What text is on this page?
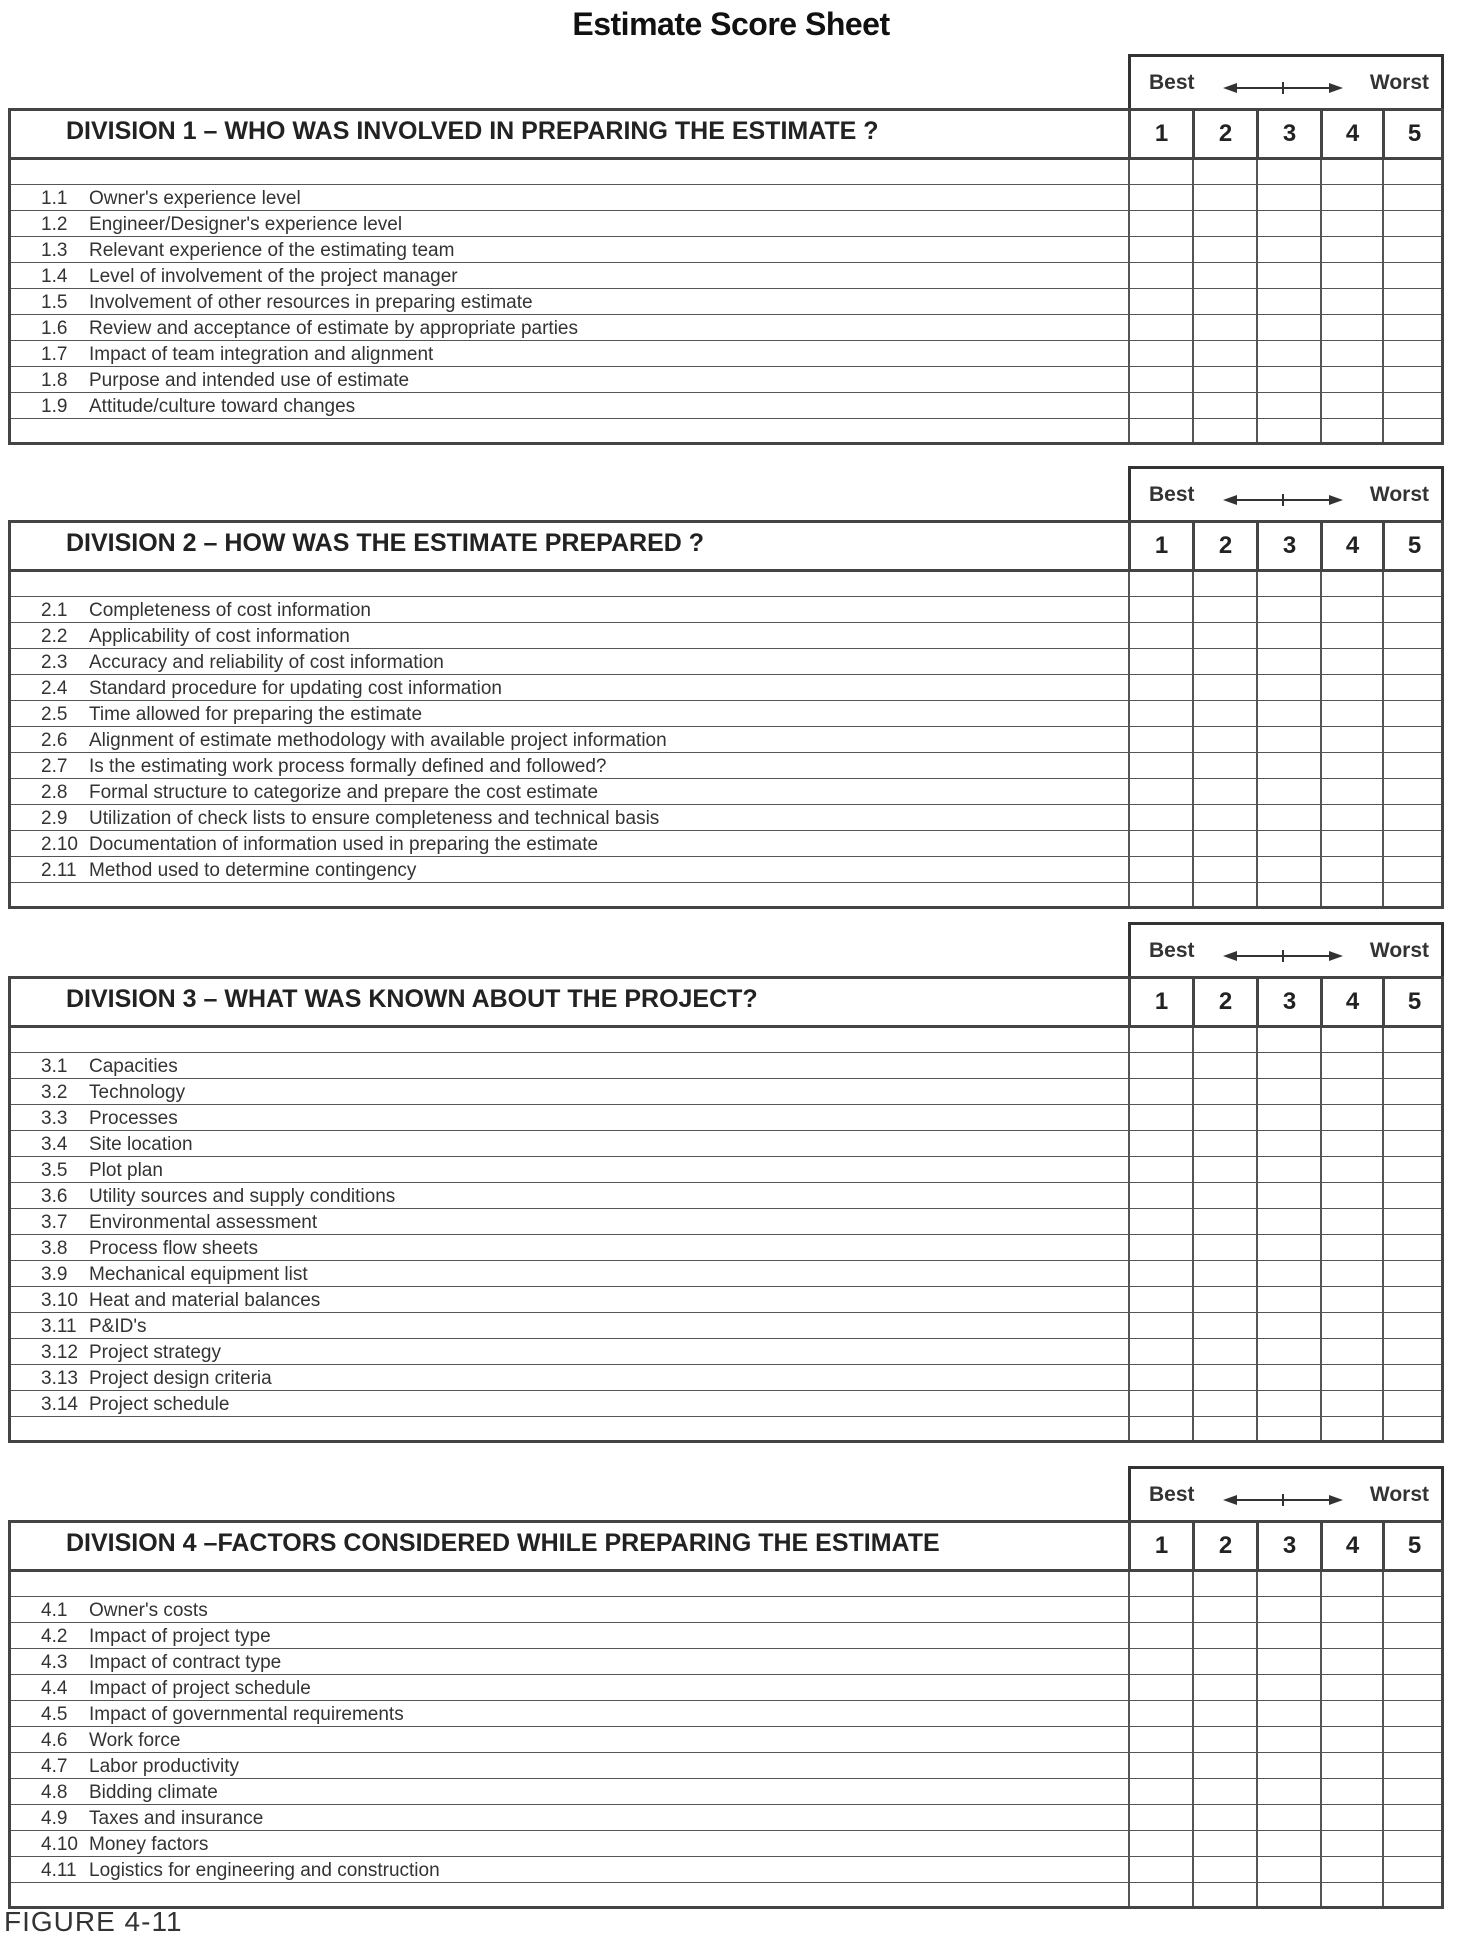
Estimate Score Sheet
Best	Worst
DIVISION 1 – WHO WAS INVOLVED IN PREPARING THE ESTIMATE ?	1	2	3	4	5
1.1	Owner's experience level
1.2	Engineer/Designer's experience level
1.3	Relevant experience of the estimating team
1.4	Level of involvement of the project manager
1.5	Involvement of other resources in preparing estimate
1.6	Review and acceptance of estimate by appropriate parties
1.7	Impact of team integration and alignment
1.8	Purpose and intended use of estimate
1.9	Attitude/culture toward changes
Best	Worst
DIVISION 2 – HOW WAS THE ESTIMATE PREPARED ?	1	2	3	4	5
2.1	Completeness of cost information
2.2	Applicability of cost information
2.3	Accuracy and reliability of cost information
2.4	Standard procedure for updating cost information
2.5	Time allowed for preparing the estimate
2.6	Alignment of estimate methodology with available project information
2.7	Is the estimating work process formally defined and followed?
2.8	Formal structure to categorize and prepare the cost estimate
2.9	Utilization of check lists to ensure completeness and technical basis
2.10 Documentation of information used in preparing the estimate
2.11 Method used to determine contingency
Best	Worst
DIVISION 3 – WHAT WAS KNOWN ABOUT THE PROJECT?	1	2	3	4	5
3.1	Capacities
3.2	Technology
3.3	Processes
3.4	Site location
3.5	Plot plan
3.6	Utility sources and supply conditions
3.7	Environmental assessment
3.8	Process flow sheets
3.9	Mechanical equipment list
3.10 Heat and material balances
3.11 P&ID's
3.12 Project strategy
3.13 Project design criteria
3.14 Project schedule
Best	Worst
DIVISION 4 –FACTORS CONSIDERED WHILE PREPARING THE ESTIMATE	1	2	3	4	5
4.1	Owner's costs
4.2	Impact of project type
4.3	Impact of contract type
4.4	Impact of project schedule
4.5	Impact of governmental requirements
4.6	Work force
4.7	Labor productivity
4.8	Bidding climate
4.9	Taxes and insurance
4.10 Money factors
4.11 Logistics for engineering and construction
FIGURE 4-11
